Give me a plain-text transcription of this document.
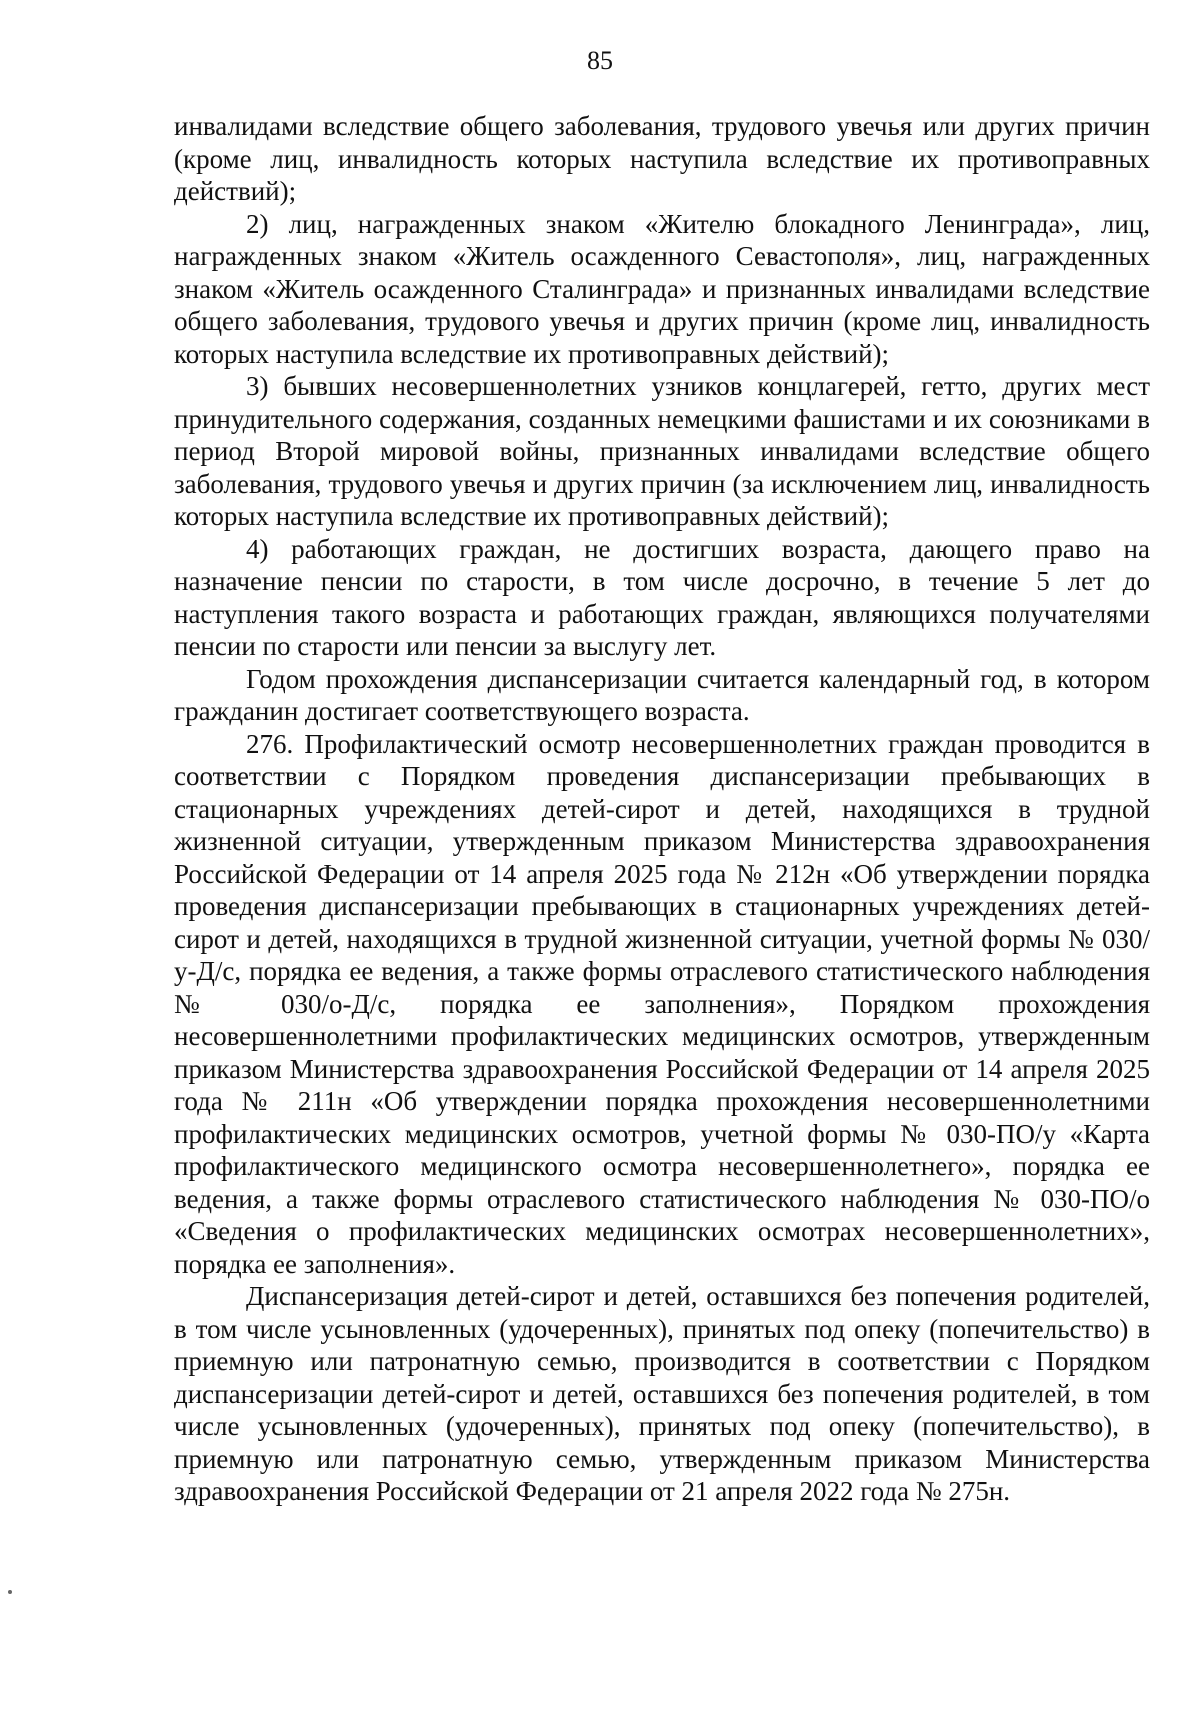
85

инвалидами вследствие общего заболевания, трудового увечья или других причин (кроме лиц, инвалидность которых наступила вследствие их противоправных действий);

2) лиц, награжденных знаком «Жителю блокадного Ленинграда», лиц, награжденных знаком «Житель осажденного Севастополя», лиц, награжденных знаком «Житель осажденного Сталинграда» и признанных инвалидами вследствие общего заболевания, трудового увечья и других причин (кроме лиц, инвалидность которых наступила вследствие их противоправных действий);

3) бывших несовершеннолетних узников концлагерей, гетто, других мест принудительного содержания, созданных немецкими фашистами и их союзниками в период Второй мировой войны, признанных инвалидами вследствие общего заболевания, трудового увечья и других причин (за исключением лиц, инвалидность которых наступила вследствие их противоправных действий);

4) работающих граждан, не достигших возраста, дающего право на назначение пенсии по старости, в том числе досрочно, в течение 5 лет до наступления такого возраста и работающих граждан, являющихся получателями пенсии по старости или пенсии за выслугу лет.

Годом прохождения диспансеризации считается календарный год, в котором гражданин достигает соответствующего возраста.

276. Профилактический осмотр несовершеннолетних граждан проводится в соответствии с Порядком проведения диспансеризации пребывающих в стационарных учреждениях детей-сирот и детей, находящихся в трудной жизненной ситуации, утвержденным приказом Министерства здравоохранения Российской Федерации от 14 апреля 2025 года № 212н «Об утверждении порядка проведения диспансеризации пребывающих в стационарных учреждениях детей-сирот и детей, находящихся в трудной жизненной ситуации, учетной формы № 030/у-Д/с, порядка ее ведения, а также формы отраслевого статистического наблюдения № 030/о-Д/с, порядка ее заполнения», Порядком прохождения несовершеннолетними профилактических медицинских осмотров, утвержденным приказом Министерства здравоохранения Российской Федерации от 14 апреля 2025 года № 211н «Об утверждении порядка прохождения несовершеннолетними профилактических медицинских осмотров, учетной формы № 030-ПО/у «Карта профилактического медицинского осмотра несовершеннолетнего», порядка ее ведения, а также формы отраслевого статистического наблюдения № 030-ПО/о «Сведения о профилактических медицинских осмотрах несовершеннолетних», порядка ее заполнения».

Диспансеризация детей-сирот и детей, оставшихся без попечения родителей, в том числе усыновленных (удочеренных), принятых под опеку (попечительство) в приемную или патронатную семью, производится в соответствии с Порядком диспансеризации детей-сирот и детей, оставшихся без попечения родителей, в том числе усыновленных (удочеренных), принятых под опеку (попечительство), в приемную или патронатную семью, утвержденным приказом Министерства здравоохранения Российской Федерации от 21 апреля 2022 года № 275н.
